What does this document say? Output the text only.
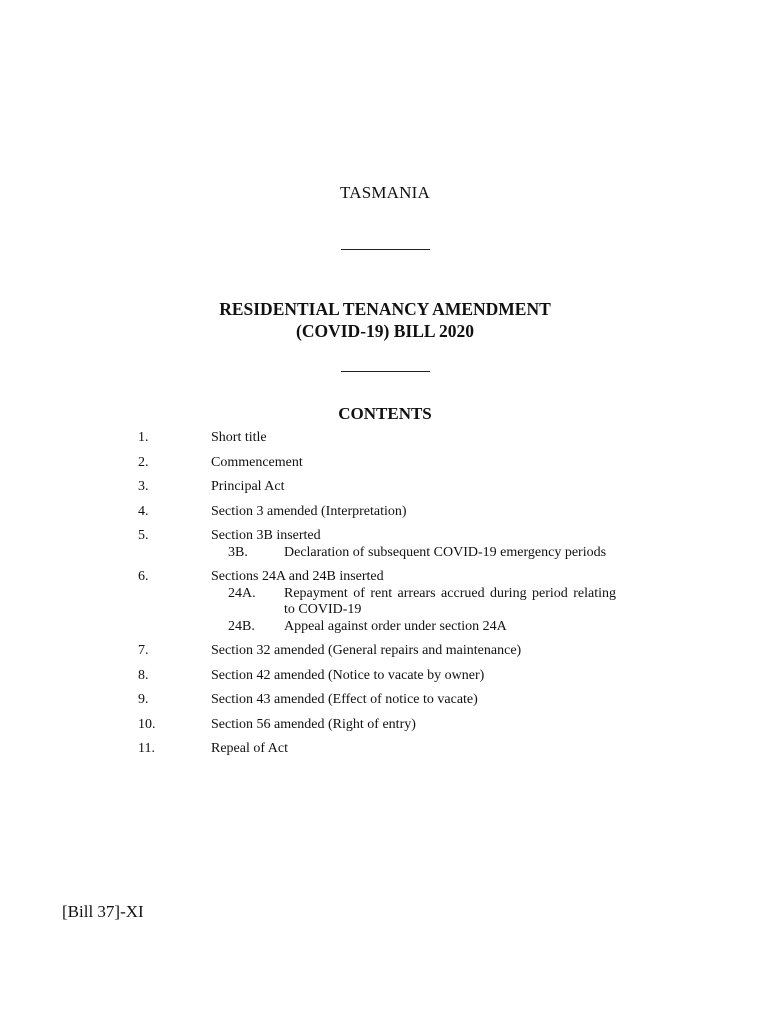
TASMANIA
RESIDENTIAL TENANCY AMENDMENT
(COVID-19) BILL 2020
CONTENTS
1.	Short title
2.	Commencement
3.	Principal Act
4.	Section 3 amended (Interpretation)
5.	Section 3B inserted
3B.	Declaration of subsequent COVID-19 emergency periods
6.	Sections 24A and 24B inserted
24A. Repayment of rent arrears accrued during period relating to COVID-19
24B. Appeal against order under section 24A
7.	Section 32 amended (General repairs and maintenance)
8.	Section 42 amended (Notice to vacate by owner)
9.	Section 43 amended (Effect of notice to vacate)
10.	Section 56 amended (Right of entry)
11.	Repeal of Act
[Bill 37]-XI
